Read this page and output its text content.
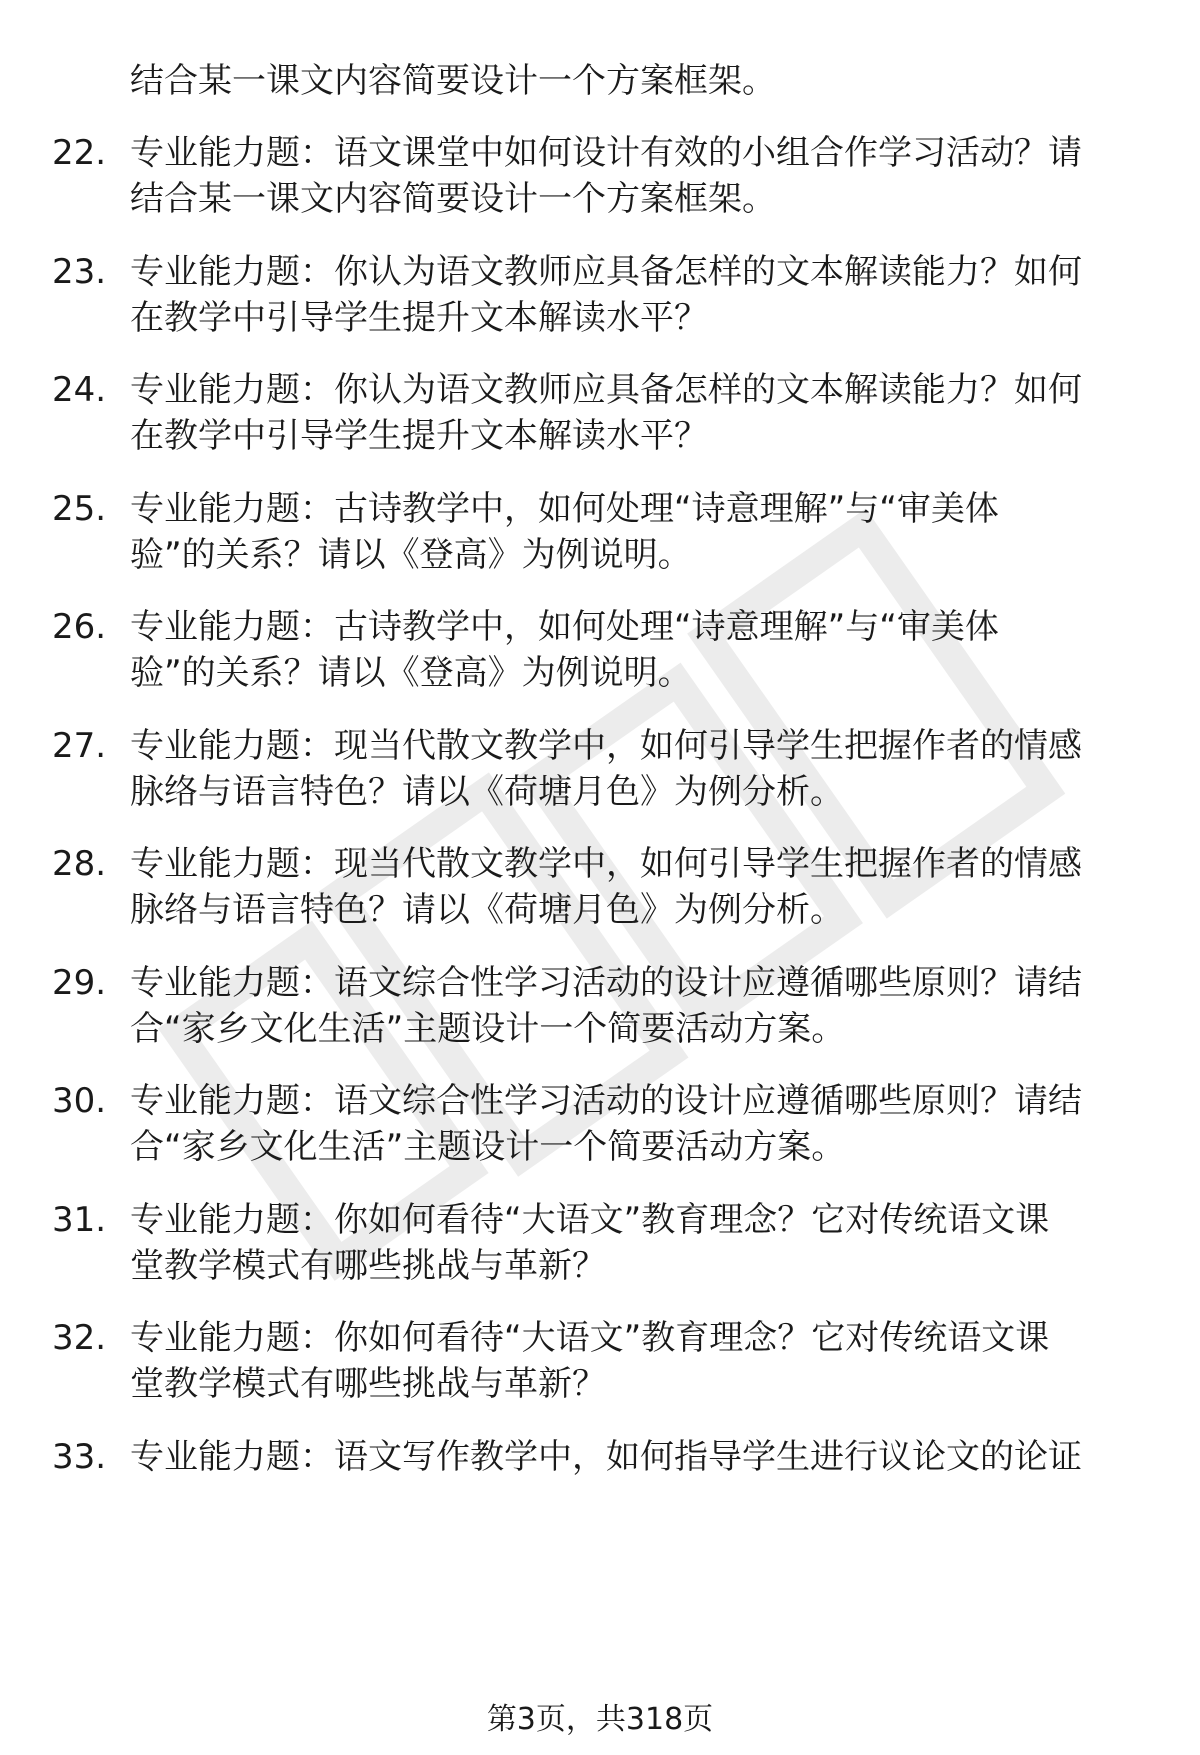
结合某一课文内容简要设计一个方案框架。
22. 专业能力题：语文课堂中如何设计有效的小组合作学习活动？请
结合某一课文内容简要设计一个方案框架。
23. 专业能力题：你认为语文教师应具备怎样的文本解读能力？如何
在教学中引导学生提升文本解读水平？
24. 专业能力题：你认为语文教师应具备怎样的文本解读能力？如何
在教学中引导学生提升文本解读水平？
25. 专业能力题：古诗教学中，如何处理“诗意理解”与“审美体
验”的关系？请以《登高》为例说明。
26. 专业能力题：古诗教学中，如何处理“诗意理解”与“审美体
验”的关系？请以《登高》为例说明。
27. 专业能力题：现当代散文教学中，如何引导学生把握作者的情感
脉络与语言特色？请以《荷塘月色》为例分析。
28. 专业能力题：现当代散文教学中，如何引导学生把握作者的情感
脉络与语言特色？请以《荷塘月色》为例分析。
29. 专业能力题：语文综合性学习活动的设计应遵循哪些原则？请结
合“家乡文化生活”主题设计一个简要活动方案。
30. 专业能力题：语文综合性学习活动的设计应遵循哪些原则？请结
合“家乡文化生活”主题设计一个简要活动方案。
31. 专业能力题：你如何看待“大语文”教育理念？它对传统语文课
堂教学模式有哪些挑战与革新？
32. 专业能力题：你如何看待“大语文”教育理念？它对传统语文课
堂教学模式有哪些挑战与革新？
33. 专业能力题：语文写作教学中，如何指导学生进行议论文的论证
第3页，共318页
